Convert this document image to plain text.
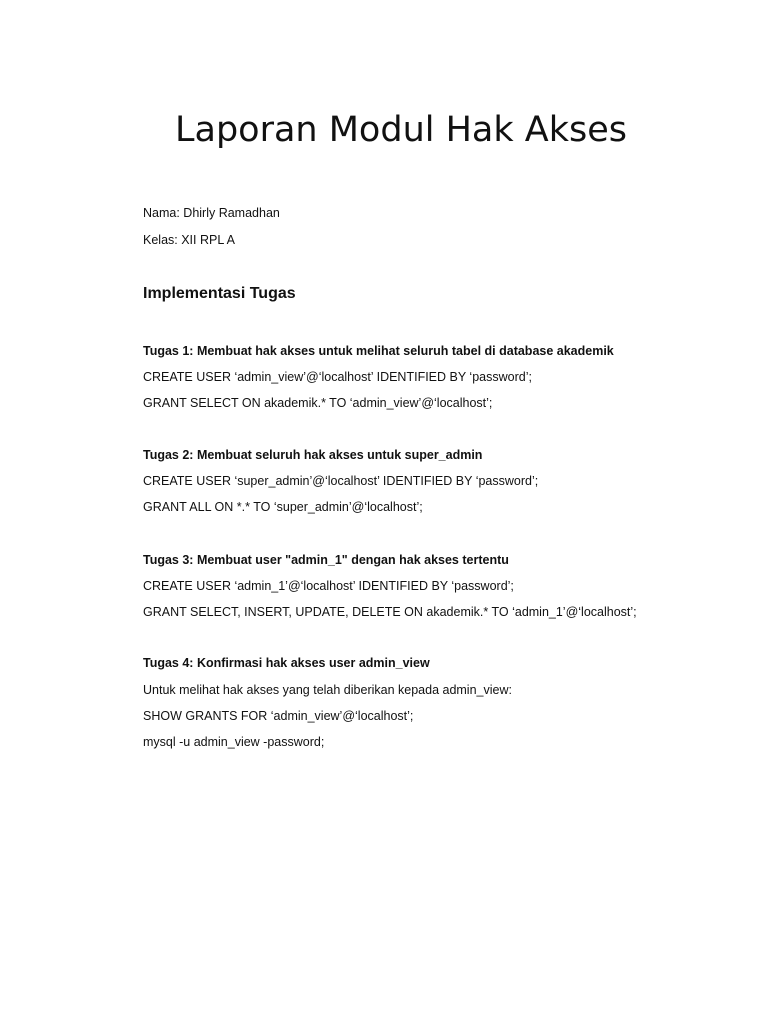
Laporan Modul Hak Akses

Nama: Dhirly Ramadhan

Kelas: XII RPL A

Implementasi Tugas

Tugas 1: Membuat hak akses untuk melihat seluruh tabel di database akademik

CREATE USER ‘admin_view’@‘localhost’ IDENTIFIED BY ‘password’;

GRANT SELECT ON akademik.* TO ‘admin_view’@‘localhost’;

Tugas 2: Membuat seluruh hak akses untuk super_admin

CREATE USER ‘super_admin’@‘localhost’ IDENTIFIED BY ‘password’;

GRANT ALL ON *.* TO ‘super_admin’@‘localhost’;

Tugas 3: Membuat user "admin_1" dengan hak akses tertentu

CREATE USER ‘admin_1’@‘localhost’ IDENTIFIED BY ‘password’;

GRANT SELECT, INSERT, UPDATE, DELETE ON akademik.* TO ‘admin_1’@‘localhost’;

Tugas 4: Konfirmasi hak akses user admin_view

Untuk melihat hak akses yang telah diberikan kepada admin_view:

SHOW GRANTS FOR ‘admin_view’@‘localhost’;

mysql -u admin_view -password;
